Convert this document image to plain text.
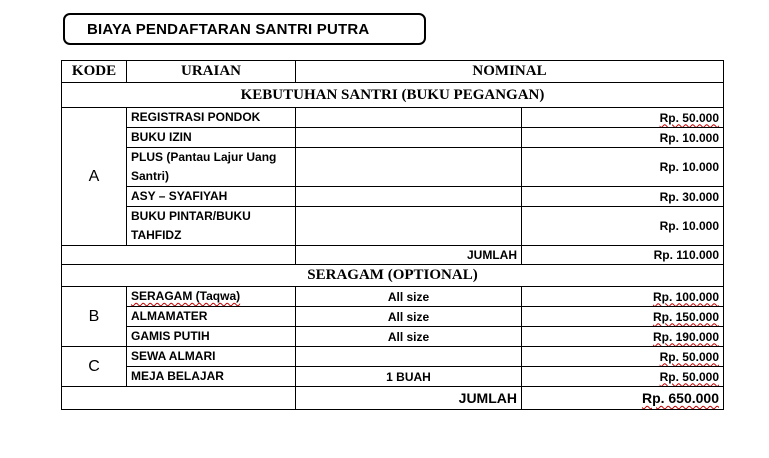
BIAYA PENDAFTARAN SANTRI PUTRA
KODE	URAIAN	NOMINAL	
KEBUTUHAN SANTRI (BUKU PEGANGAN)			
A	REGISTRASI PONDOK		Rp. 50.000
	BUKU IZIN		Rp. 10.000
	PLUS (Pantau Lajur Uang Santri)		Rp. 10.000
	ASY – SYAFIYAH		Rp. 30.000
	BUKU PINTAR/BUKU TAHFIDZ		Rp. 10.000
		JUMLAH	Rp. 110.000
SERAGAM (OPTIONAL)			
B	SERAGAM (Taqwa)	All size	Rp. 100.000
	ALMAMATER	All size	Rp. 150.000
	GAMIS PUTIH	All size	Rp. 190.000
C	SEWA ALMARI		Rp. 50.000
	MEJA BELAJAR	1 BUAH	Rp. 50.000
		JUMLAH	Rp. 650.000
